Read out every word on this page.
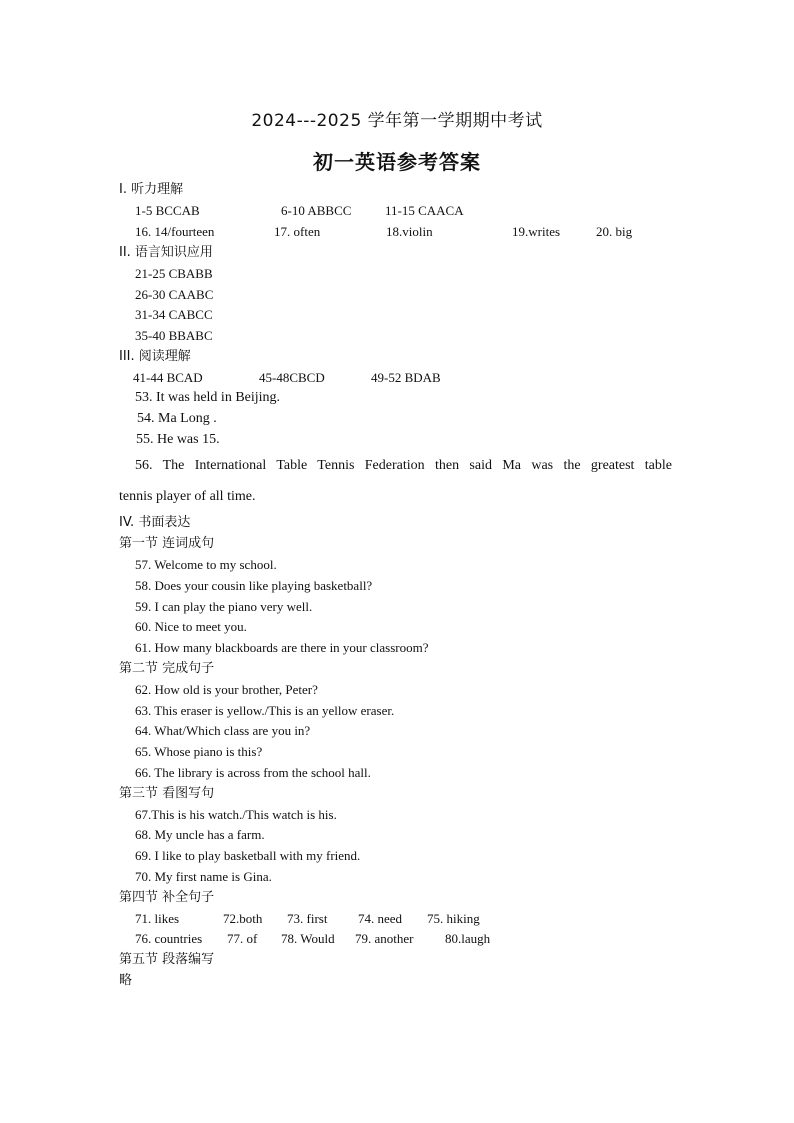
2024---2025 学年第一学期期中考试
初一英语参考答案
I. 听力理解
1-5 BCCAB	6-10 ABBCC	11-15 CAACA
16. 14/fourteen	17. often	18.violin	19.writes	20. big
II. 语言知识应用
21-25 CBABB
26-30 CAABC
31-34 CABCC
35-40 BBABC
III. 阅读理解
41-44 BCAD	45-48CBCD	49-52 BDAB
53. It was held in Beijing.
54. Ma Long .
55. He was 15.
56. The International Table Tennis Federation then said Ma was the greatest table
tennis player of all time.
IV. 书面表达
第一节 连词成句
57. Welcome to my school.
58. Does your cousin like playing basketball?
59. I can play the piano very well.
60. Nice to meet you.
61. How many blackboards are there in your classroom?
第二节 完成句子
62. How old is your brother, Peter?
63. This eraser is yellow./This is an yellow eraser.
64. What/Which class are you in?
65. Whose piano is this?
66. The library is across from the school hall.
第三节 看图写句
67.This is his watch./This watch is his.
68. My uncle has a farm.
69. I like to play basketball with my friend.
70. My first name is Gina.
第四节 补全句子
71. likes	72.both 73. first 74. need 75. hiking
76. countries 77. of 78. Would 79. another 80.laugh
第五节 段落编写
略
